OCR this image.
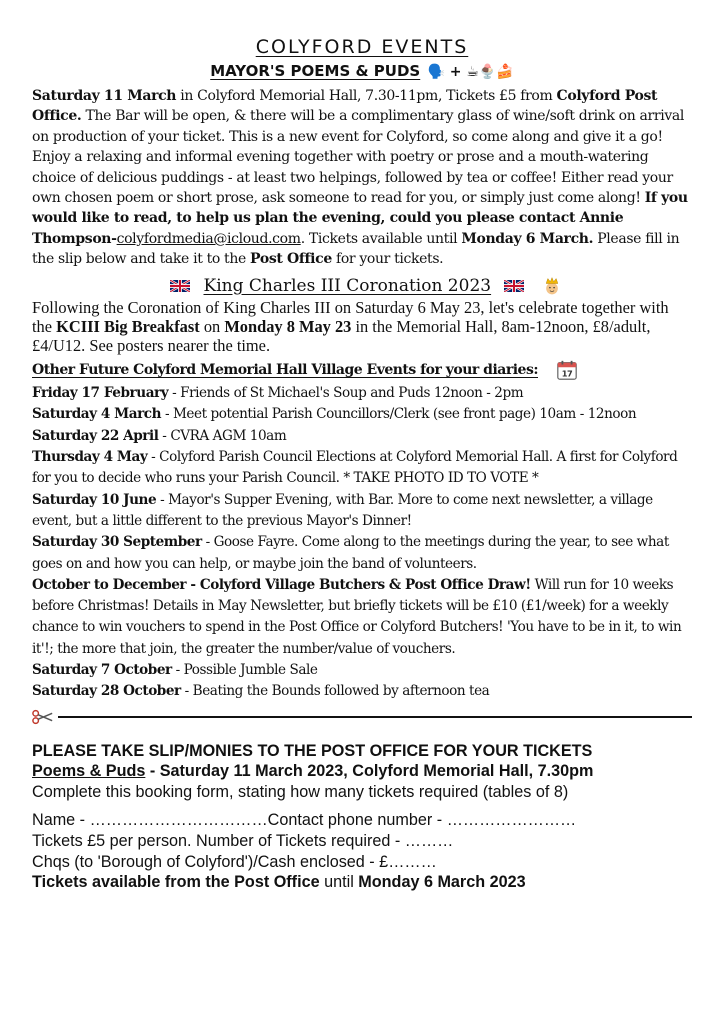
COLYFORD EVENTS
MAYOR'S POEMS & PUDS 🗣️ + ☕🍨🍰

Saturday 11 March in Colyford Memorial Hall, 7.30-11pm, Tickets £5 from Colyford Post Office. The Bar will be open, & there will be a complimentary glass of wine/soft drink on arrival on production of your ticket. This is a new event for Colyford, so come along and give it a go! Enjoy a relaxing and informal evening together with poetry or prose and a mouth-watering choice of delicious puddings - at least two helpings, followed by tea or coffee! Either read your own chosen poem or short prose, ask someone to read for you, or simply just come along! If you would like to read, to help us plan the evening, could you please contact Annie Thompson-colyfordmedia@icloud.com. Tickets available until Monday 6 March. Please fill in the slip below and take it to the Post Office for your tickets.

King Charles III Coronation 2023

Following the Coronation of King Charles III on Saturday 6 May 23, let's celebrate together with the KCIII Big Breakfast on Monday 8 May 23 in the Memorial Hall, 8am-12noon, £8/adult, £4/U12. See posters nearer the time.

Other Future Colyford Memorial Hall Village Events for your diaries:	17

Friday 17 February - Friends of St Michael's Soup and Puds 12noon - 2pm

Saturday 4 March - Meet potential Parish Councillors/Clerk (see front page) 10am - 12noon

Saturday 22 April - CVRA AGM 10am

Thursday 4 May - Colyford Parish Council Elections at Colyford Memorial Hall. A first for Colyford for you to decide who runs your Parish Council. * TAKE PHOTO ID TO VOTE *

Saturday 10 June - Mayor's Supper Evening, with Bar. More to come next newsletter, a village event, but a little different to the previous Mayor's Dinner!

Saturday 30 September - Goose Fayre. Come along to the meetings during the year, to see what goes on and how you can help, or maybe join the band of volunteers.

October to December - Colyford Village Butchers & Post Office Draw! Will run for 10 weeks before Christmas! Details in May Newsletter, but briefly tickets will be £10 (£1/week) for a weekly chance to win vouchers to spend in the Post Office or Colyford Butchers! 'You have to be in it, to win it'!; the more that join, the greater the number/value of vouchers.

Saturday 7 October - Possible Jumble Sale

Saturday 28 October - Beating the Bounds followed by afternoon tea

PLEASE TAKE SLIP/MONIES TO THE POST OFFICE FOR YOUR TICKETS

Poems & Puds - Saturday 11 March 2023, Colyford Memorial Hall, 7.30pm

Complete this booking form, stating how many tickets required (tables of 8)

Name - ……………………………Contact phone number - ……………………

Tickets £5 per person. Number of Tickets required - ………

Chqs (to 'Borough of Colyford')/Cash enclosed - £………

Tickets available from the Post Office until Monday 6 March 2023
